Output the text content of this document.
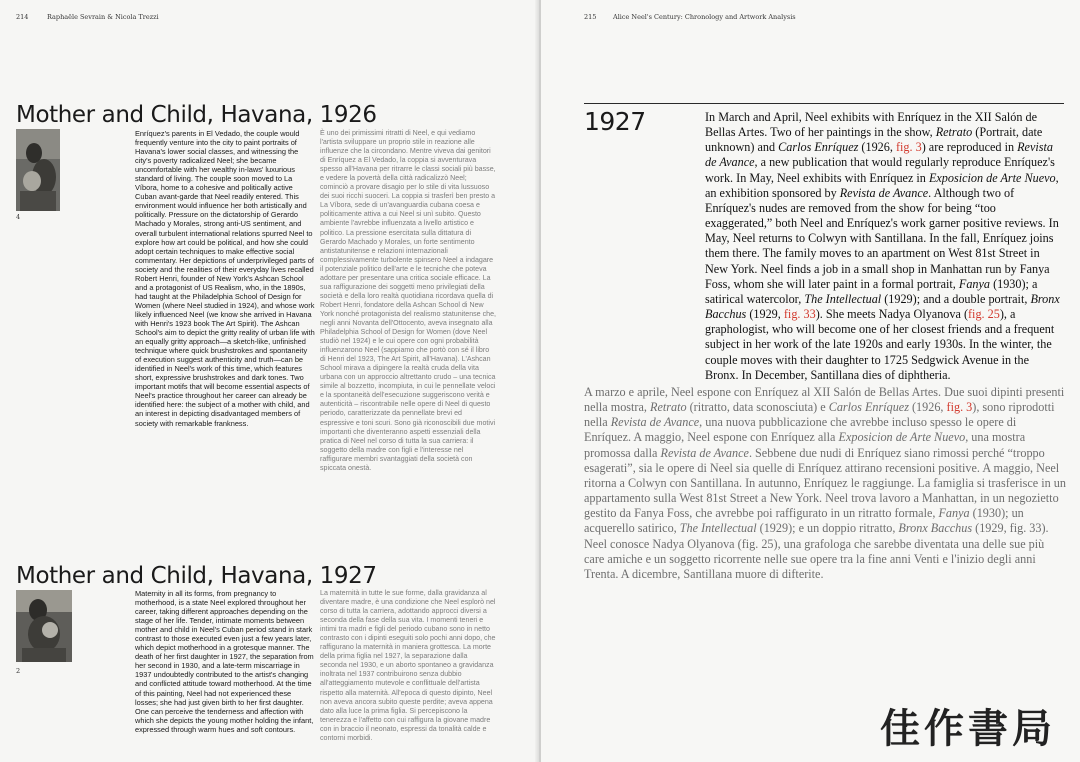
214	Raphaële Sevrain & Nicola Trezzi
Mother and Child, Havana, 1926
4

Enríquez's parents in El Vedado, the couple would frequently venture into the city to paint portraits of Havana's lower social classes, and witnessing the city's poverty radicalized Neel; she became uncomfortable with her wealthy in-laws' luxurious standard of living. The couple soon moved to La Víbora, home to a cohesive and politically active Cuban avant-garde that Neel readily entered. This environment would influence her both artistically and politically. Pressure on the dictatorship of Gerardo Machado y Morales, strong anti-US sentiment, and overall turbulent international relations spurred Neel to explore how art could be political, and how she could adopt certain techniques to make effective social commentary. Her depictions of underprivileged parts of society and the realities of their everyday lives recalled Robert Henri, founder of New York's Ashcan School and a protagonist of US Realism, who, in the 1890s, had taught at the Philadelphia School of Design for Women (where Neel studied in 1924), and whose work likely influenced Neel (we know she arrived in Havana with Henri's 1923 book The Art Spirit). The Ashcan School's aim to depict the gritty reality of urban life with an equally gritty approach—a sketch-like, unfinished technique where quick brushstrokes and spontaneity of execution suggest authenticity and truth—can be identified in Neel's work of this time, which features short, expressive brushstrokes and dark tones. Two important motifs that will become essential aspects of Neel's practice throughout her career can already be identified here: the subject of a mother with child, and an interest in depicting disadvantaged members of society with remarkable frankness.

È uno dei primissimi ritratti di Neel, e qui vediamo l'artista sviluppare un proprio stile in reazione alle influenze che la circondano. Mentre viveva dai genitori di Enríquez a El Vedado, la coppia si avventurava spesso all'Havana per ritrarre le classi sociali più basse, e vedere la povertà della città radicalizzò Neel; cominciò a provare disagio per lo stile di vita lussuoso dei suoi ricchi suoceri. La coppia si trasferì ben presto a La Víbora, sede di un'avanguardia cubana coesa e politicamente attiva a cui Neel si unì subito. Questo ambiente l'avrebbe influenzata a livello artistico e politico. La pressione esercitata sulla dittatura di Gerardo Machado y Morales, un forte sentimento antistatunitense e relazioni internazionali complessivamente turbolente spinsero Neel a indagare il potenziale politico dell'arte e le tecniche che poteva adottare per presentare una critica sociale efficace. La sua raffigurazione dei soggetti meno privilegiati della società e della loro realtà quotidiana ricordava quella di Robert Henri, fondatore della Ashcan School di New York nonché protagonista del realismo statunitense che, negli anni Novanta dell'Ottocento, aveva insegnato alla Philadelphia School of Design for Women (dove Neel studiò nel 1924) e le cui opere con ogni probabilità influenzarono Neel (sappiamo che portò con sé il libro di Henri del 1923, The Art Spirit, all'Havana). L'Ashcan School mirava a dipingere la realtà cruda della vita urbana con un approccio altrettanto crudo – una tecnica simile al bozzetto, incompiuta, in cui le pennellate veloci e la spontaneità dell'esecuzione suggeriscono verità e autenticità – riscontrabile nelle opere di Neel di questo periodo, caratterizzate da pennellate brevi ed espressive e toni scuri. Sono già riconoscibili due motivi importanti che diventeranno aspetti essenziali della pratica di Neel nel corso di tutta la sua carriera: il soggetto della madre con figli e l'interesse nel raffigurare membri svantaggiati della società con spiccata onestà.

Mother and Child, Havana, 1927
2

Maternity in all its forms, from pregnancy to motherhood, is a state Neel explored throughout her career, taking different approaches depending on the stage of her life. Tender, intimate moments between mother and child in Neel's Cuban period stand in stark contrast to those executed even just a few years later, which depict motherhood in a grotesque manner. The death of her first daughter in 1927, the separation from her second in 1930, and a late-term miscarriage in 1937 undoubtedly contributed to the artist's changing and conflicted attitude toward motherhood. At the time of this painting, Neel had not experienced these losses; she had just given birth to her first daughter. One can perceive the tenderness and affection with which she depicts the young mother holding the infant, expressed through warm hues and soft contours.

La maternità in tutte le sue forme, dalla gravidanza al diventare madre, è una condizione che Neel esplorò nel corso di tutta la carriera, adottando approcci diversi a seconda della fase della sua vita. I momenti teneri e intimi tra madri e figli del periodo cubano sono in netto contrasto con i dipinti eseguiti solo pochi anni dopo, che raffigurano la maternità in maniera grottesca. La morte della prima figlia nel 1927, la separazione dalla seconda nel 1930, e un aborto spontaneo a gravidanza inoltrata nel 1937 contribuirono senza dubbio all'atteggiamento mutevole e conflittuale dell'artista rispetto alla maternità. All'epoca di questo dipinto, Neel non aveva ancora subito queste perdite; aveva appena dato alla luce la prima figlia. Si percepiscono la tenerezza e l'affetto con cui raffigura la giovane madre con in braccio il neonato, espressi da tonalità calde e contorni morbidi.

215	Alice Neel's Century: Chronology and Artwork Analysis
1927	In March and April, Neel exhibits with Enríquez in the XII Salón de Bellas Artes. Two of her paintings in the show, Retrato (Portrait, date unknown) and Carlos Enríquez (1926, fig. 3) are reproduced in Revista de Avance, a new publication that would regularly reproduce Enríquez's work. In May, Neel exhibits with Enríquez in Exposicion de Arte Nuevo, an exhibition sponsored by Revista de Avance. Although two of Enríquez's nudes are removed from the show for being “too exaggerated,” both Neel and Enríquez's work garner positive reviews. In May, Neel returns to Colwyn with Santillana. In the fall, Enríquez joins them there. The family moves to an apartment on West 81st Street in New York. Neel finds a job in a small shop in Manhattan run by Fanya Foss, whom she will later paint in a formal portrait, Fanya (1930); a satirical watercolor, The Intellectual (1929); and a double portrait, Bronx Bacchus (1929, fig. 33). She meets Nadya Olyanova (fig. 25), a graphologist, who will become one of her closest friends and a frequent subject in her work of the late 1920s and early 1930s. In the winter, the couple moves with their daughter to 1725 Sedgwick Avenue in the Bronx. In December, Santillana dies of diphtheria.

A marzo e aprile, Neel espone con Enríquez al XII Salón de Bellas Artes. Due suoi dipinti presenti nella mostra, Retrato (ritratto, data sconosciuta) e Carlos Enríquez (1926, fig. 3), sono riprodotti nella Revista de Avance, una nuova pubblicazione che avrebbe incluso spesso le opere di Enríquez. A maggio, Neel espone con Enríquez alla Exposicion de Arte Nuevo, una mostra promossa dalla Revista de Avance. Sebbene due nudi di Enríquez siano rimossi perché “troppo esagerati”, sia le opere di Neel sia quelle di Enríquez attirano recensioni positive. A maggio, Neel ritorna a Colwyn con Santillana. In autunno, Enríquez le raggiunge. La famiglia si trasferisce in un appartamento sulla West 81st Street a New York. Neel trova lavoro a Manhattan, in un negozietto gestito da Fanya Foss, che avrebbe poi raffigurato in un ritratto formale, Fanya (1930); un acquerello satirico, The Intellectual (1929); e un doppio ritratto, Bronx Bacchus (1929, fig. 33). Neel conosce Nadya Olyanova (fig. 25), una grafologa che sarebbe diventata una delle sue più care amiche e un soggetto ricorrente nelle sue opere tra la fine anni Venti e l'inizio degli anni Trenta. A dicembre, Santillana muore di difterite.

佳作書局
